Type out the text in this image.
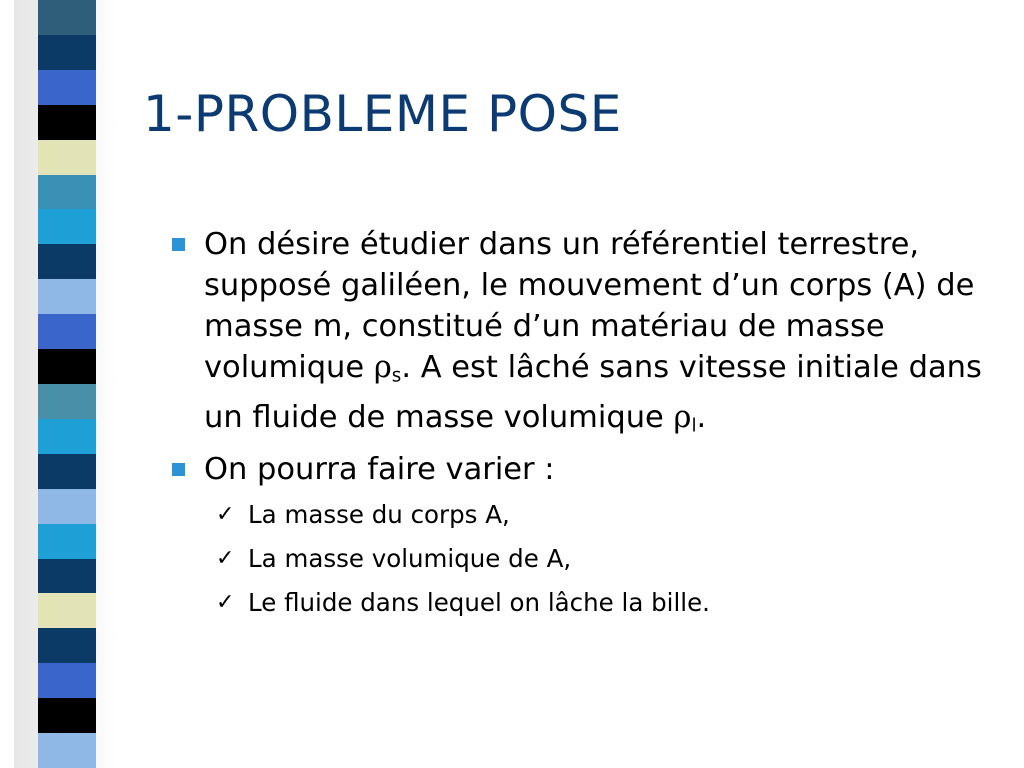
1-PROBLEME POSE
On désire étudier dans un référentiel terrestre, supposé galiléen, le mouvement d’un corps (A) de masse m, constitué d’un matériau de masse volumique $\rho_s$. A est lâché sans vitesse initiale dans un fluide de masse volumique $\rho_l$.
On pourra faire varier :
✓ La masse du corps A,
✓ La masse volumique de A,
✓ Le fluide dans lequel on lâche la bille.
